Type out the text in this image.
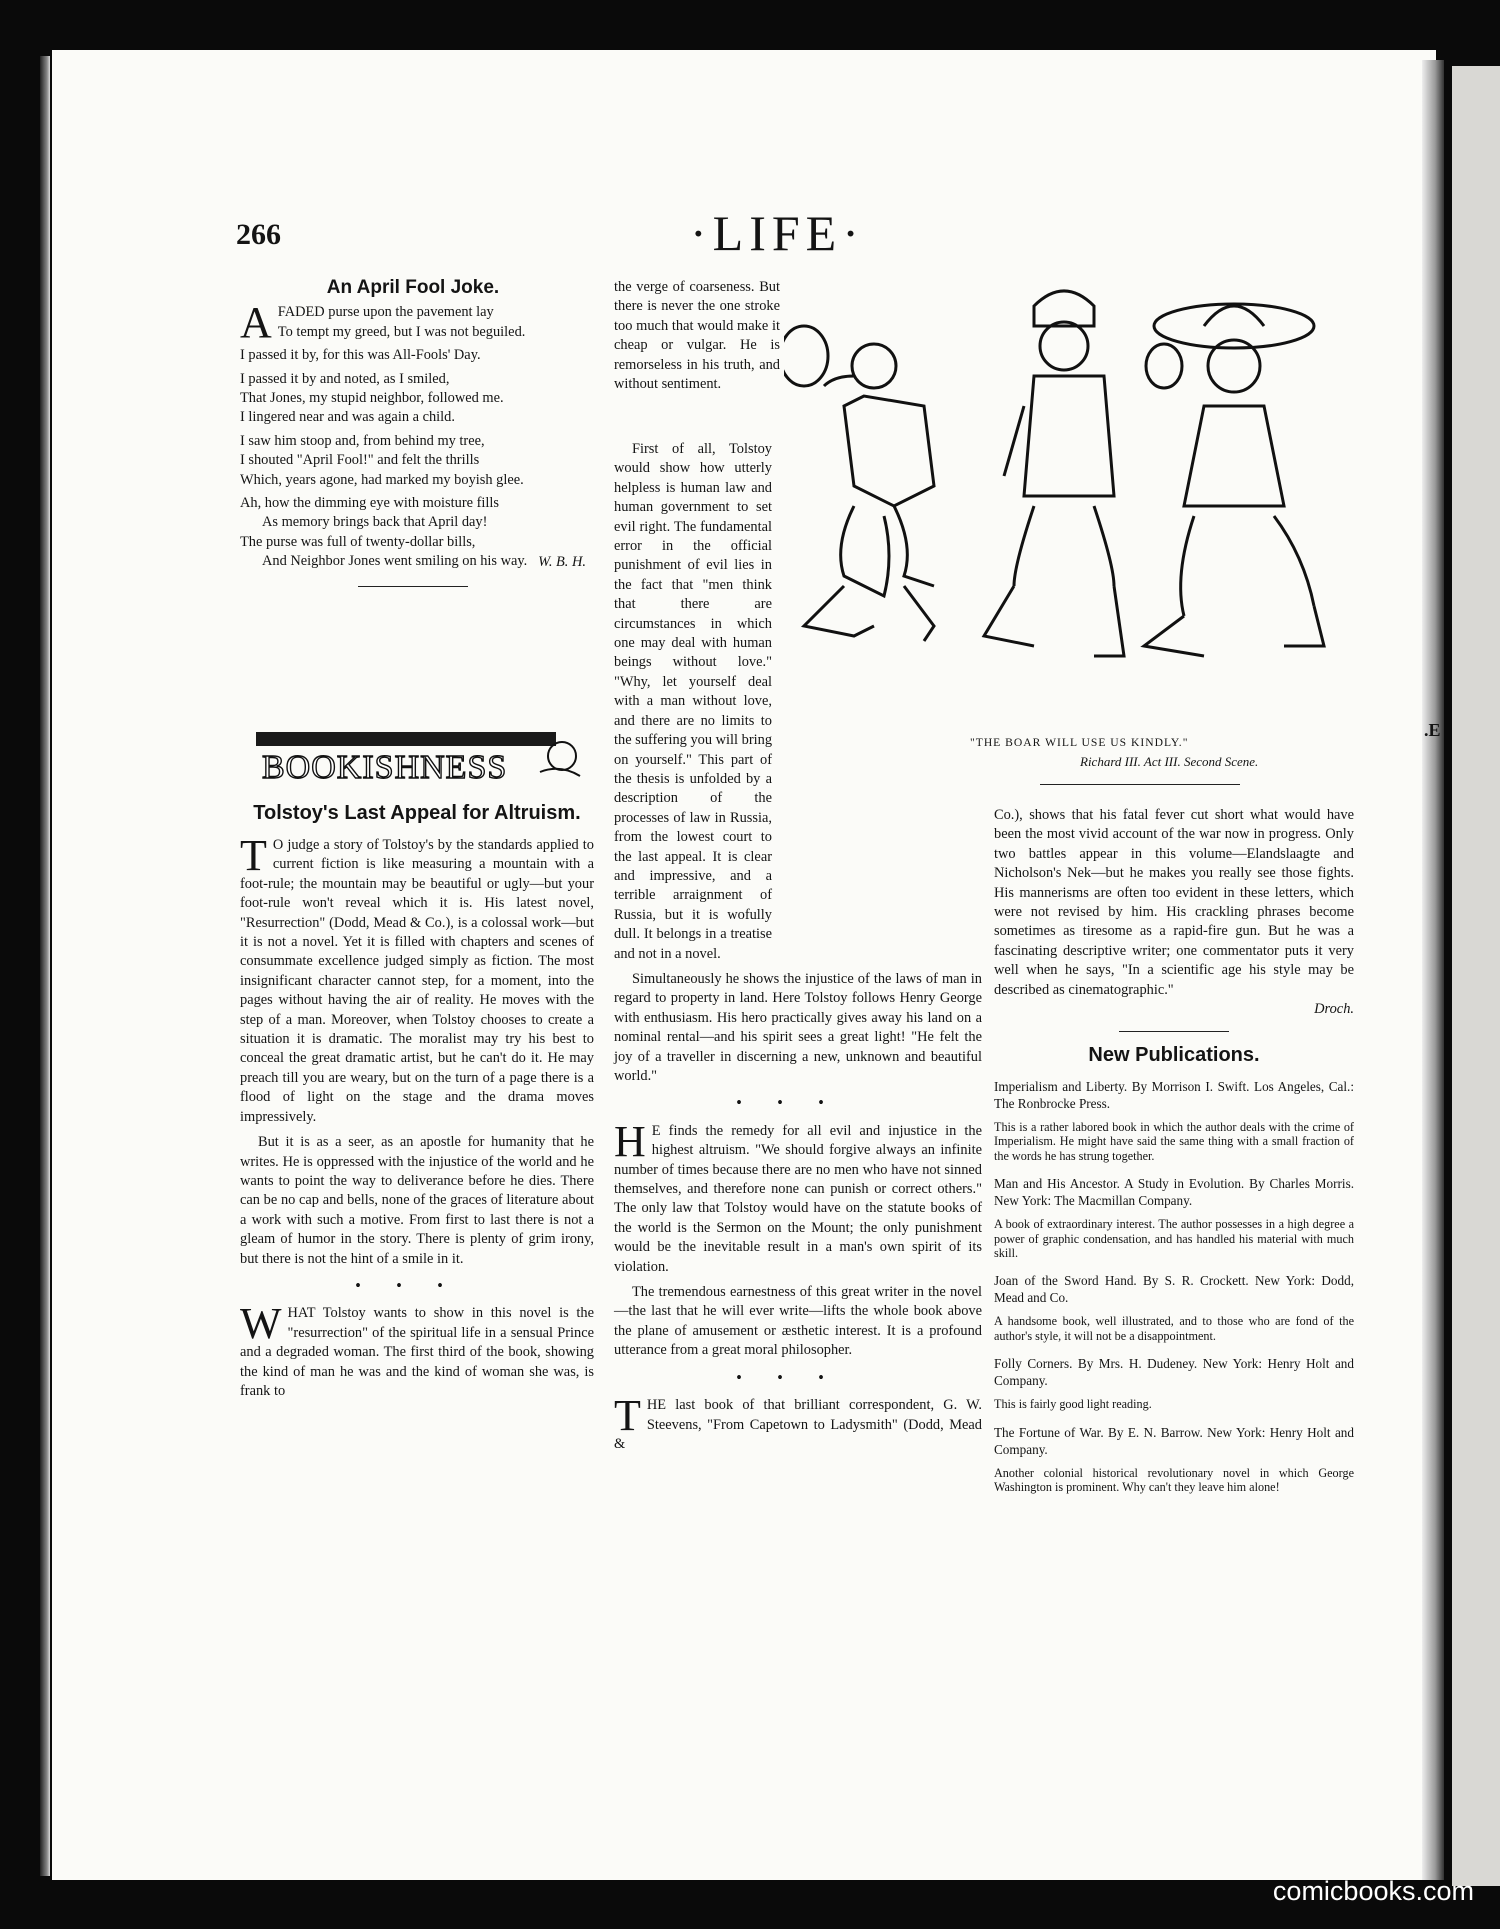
266	·LIFE·
.E
An April Fool Joke.
AFADED purse upon the pavement lay
To tempt my greed, but I was not beguiled.
I passed it by, for this was All-Fools' Day.
I passed it by and noted, as I smiled,
That Jones, my stupid neighbor, followed me.
I lingered near and was again a child.
I saw him stoop and, from behind my tree,
I shouted "April Fool!" and felt the thrills
Which, years agone, had marked my boyish glee.
Ah, how the dimming eye with moisture fills
As memory brings back that April day!
The purse was full of twenty-dollar bills,
And Neighbor Jones went smiling on his way. W. B. H.
BOOKISHNESS
Tolstoy's Last Appeal for Altruism.

T O judge a story of Tolstoy's by the standards applied to current fiction is like measuring a mountain with a foot-rule; the mountain may be beautiful or ugly—but your foot-rule won't reveal which it is. His latest novel, "Resurrection" (Dodd, Mead & Co.), is a colossal work—but it is not a novel. Yet it is filled with chapters and scenes of consummate excellence judged simply as fiction. The most insignificant character cannot step, for a moment, into the pages without having the air of reality. He moves with the step of a man. Moreover, when Tolstoy chooses to create a situation it is dramatic. The moralist may try his best to conceal the great dramatic artist, but he can't do it. He may preach till you are weary, but on the turn of a page there is a flood of light on the stage and the drama moves impressively.

But it is as a seer, as an apostle for humanity that he writes. He is oppressed with the injustice of the world and he wants to point the way to deliverance before he dies. There can be no cap and bells, none of the graces of literature about a work with such a motive. From first to last there is not a gleam of humor in the story. There is plenty of grim irony, but there is not the hint of a smile in it.

•••

WHAT Tolstoy wants to show in this novel is the "resurrection" of the spiritual life in a sensual Prince and a degraded woman. The first third of the book, showing the kind of man he was and the kind of woman she was, is frank to

the verge of coarseness. But there is never the one stroke too much that would make it cheap or vulgar. He is remorseless in his truth, and without sentiment.

"THE BOAR WILL USE US KINDLY."
Richard III. Act III. Second Scene.

First of all, Tolstoy would show how utterly helpless is human law and human government to set evil right. The fundamental error in the official punishment of evil lies in the fact that "men think that there are circumstances in which one may deal with human beings without love." "Why, let yourself deal with a man without love, and there are no limits to the suffering you will bring on yourself." This part of the thesis is unfolded by a description of the processes of law in Russia, from the lowest court to the last appeal. It is clear and impressive, and a terrible arraignment of Russia, but it is wofully dull. It belongs in a treatise and not in a novel.

Simultaneously he shows the injustice of the laws of man in regard to property in land. Here Tolstoy follows Henry George with enthusiasm. His hero practically gives away his land on a nominal rental—and his spirit sees a great light! "He felt the joy of a traveller in discerning a new, unknown and beautiful world."

•••

H E finds the remedy for all evil and injustice in the highest altruism. "We should forgive always an infinite number of times because there are no men who have not sinned themselves, and therefore none can punish or correct others." The only law that Tolstoy would have on the statute books of the world is the Sermon on the Mount; the only punishment would be the inevitable result in a man's own spirit of its violation.

The tremendous earnestness of this great writer in the novel—the last that he will ever write—lifts the whole book above the plane of amusement or æsthetic interest. It is a profound utterance from a great moral philosopher.

•••

THE last book of that brilliant correspondent, G. W. Steevens, "From Capetown to Ladysmith" (Dodd, Mead &

Co.), shows that his fatal fever cut short what would have been the most vivid account of the war now in progress. Only two battles appear in this volume—Elandslaagte and Nicholson's Nek—but he makes you really see those fights. His mannerisms are often too evident in these letters, which were not revised by him. His crackling phrases become sometimes as tiresome as a rapid-fire gun. But he was a fascinating descriptive writer; one commentator puts it very well when he says, "In a scientific age his style may be described as cinematographic."

Droch.
New Publications.
Imperialism and Liberty. By Morrison I. Swift. Los Angeles, Cal.: The Ronbrocke Press.
This is a rather labored book in which the author deals with the crime of Imperialism. He might have said the same thing with a small fraction of the words he has strung together.
Man and His Ancestor. A Study in Evolution. By Charles Morris. New York: The Macmillan Company.
A book of extraordinary interest. The author possesses in a high degree a power of graphic condensation, and has handled his material with much skill.
Joan of the Sword Hand. By S. R. Crockett. New York: Dodd, Mead and Co.
A handsome book, well illustrated, and to those who are fond of the author's style, it will not be a disappointment.
Folly Corners. By Mrs. H. Dudeney. New York: Henry Holt and Company.
This is fairly good light reading.
The Fortune of War. By E. N. Barrow. New York: Henry Holt and Company.
Another colonial historical revolutionary novel in which George Washington is prominent. Why can't they leave him alone!
comicbooks.com
